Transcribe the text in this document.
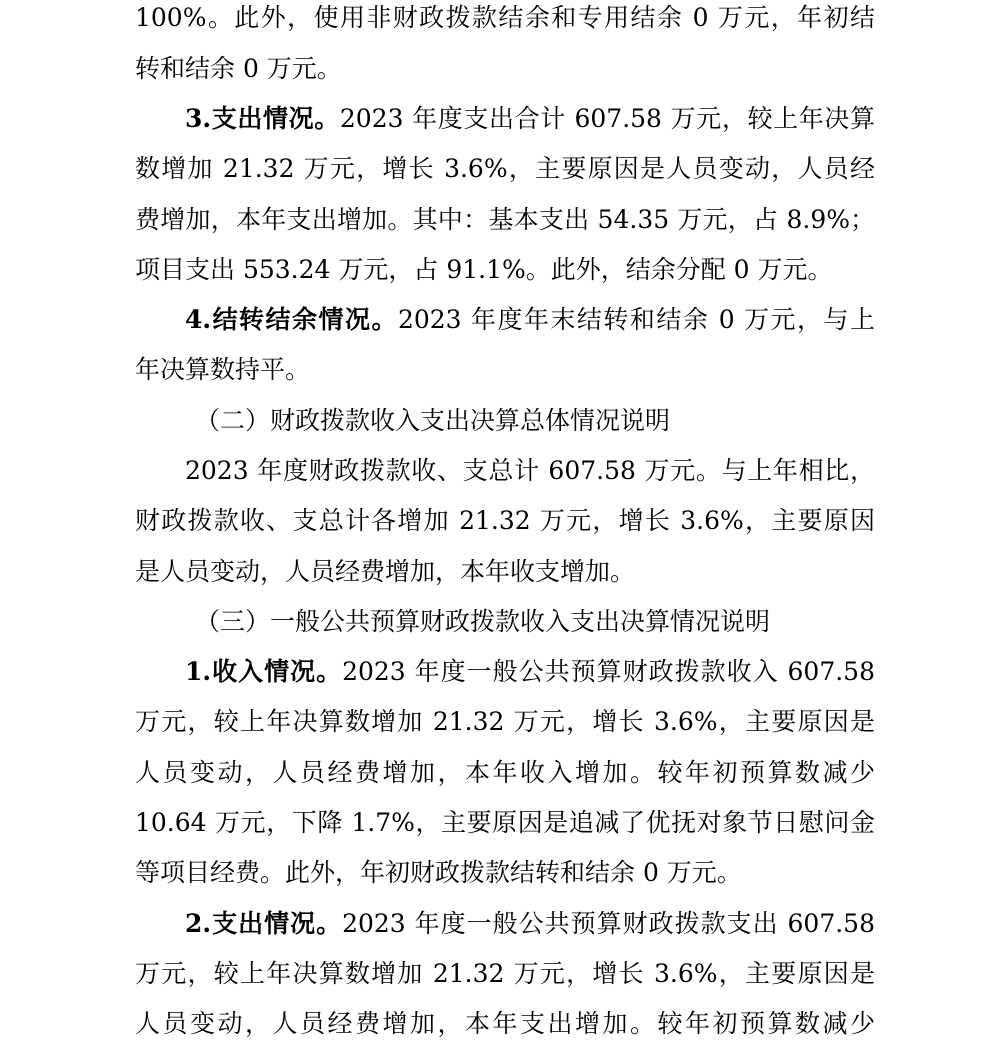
100%。此外，使用非财政拨款结余和专用结余 0 万元，年初结

转和结余 0 万元。

3.支出情况。2023 年度支出合计 607.58 万元，较上年决算

数增加 21.32 万元，增长 3.6%，主要原因是人员变动，人员经

费增加，本年支出增加。其中：基本支出 54.35 万元，占 8.9%；

项目支出 553.24 万元，占 91.1%。此外，结余分配 0 万元。

4.结转结余情况。2023 年度年末结转和结余 0 万元，与上

年决算数持平。

（二）财政拨款收入支出决算总体情况说明

2023 年度财政拨款收、支总计 607.58 万元。与上年相比，

财政拨款收、支总计各增加 21.32 万元，增长 3.6%，主要原因

是人员变动，人员经费增加，本年收支增加。

（三）一般公共预算财政拨款收入支出决算情况说明

1.收入情况。2023 年度一般公共预算财政拨款收入 607.58

万元，较上年决算数增加 21.32 万元，增长 3.6%，主要原因是

人员变动，人员经费增加，本年收入增加。较年初预算数减少

10.64 万元，下降 1.7%，主要原因是追减了优抚对象节日慰问金

等项目经费。此外，年初财政拨款结转和结余 0 万元。

2.支出情况。2023 年度一般公共预算财政拨款支出 607.58

万元，较上年决算数增加 21.32 万元，增长 3.6%，主要原因是

人员变动，人员经费增加，本年支出增加。较年初预算数减少
